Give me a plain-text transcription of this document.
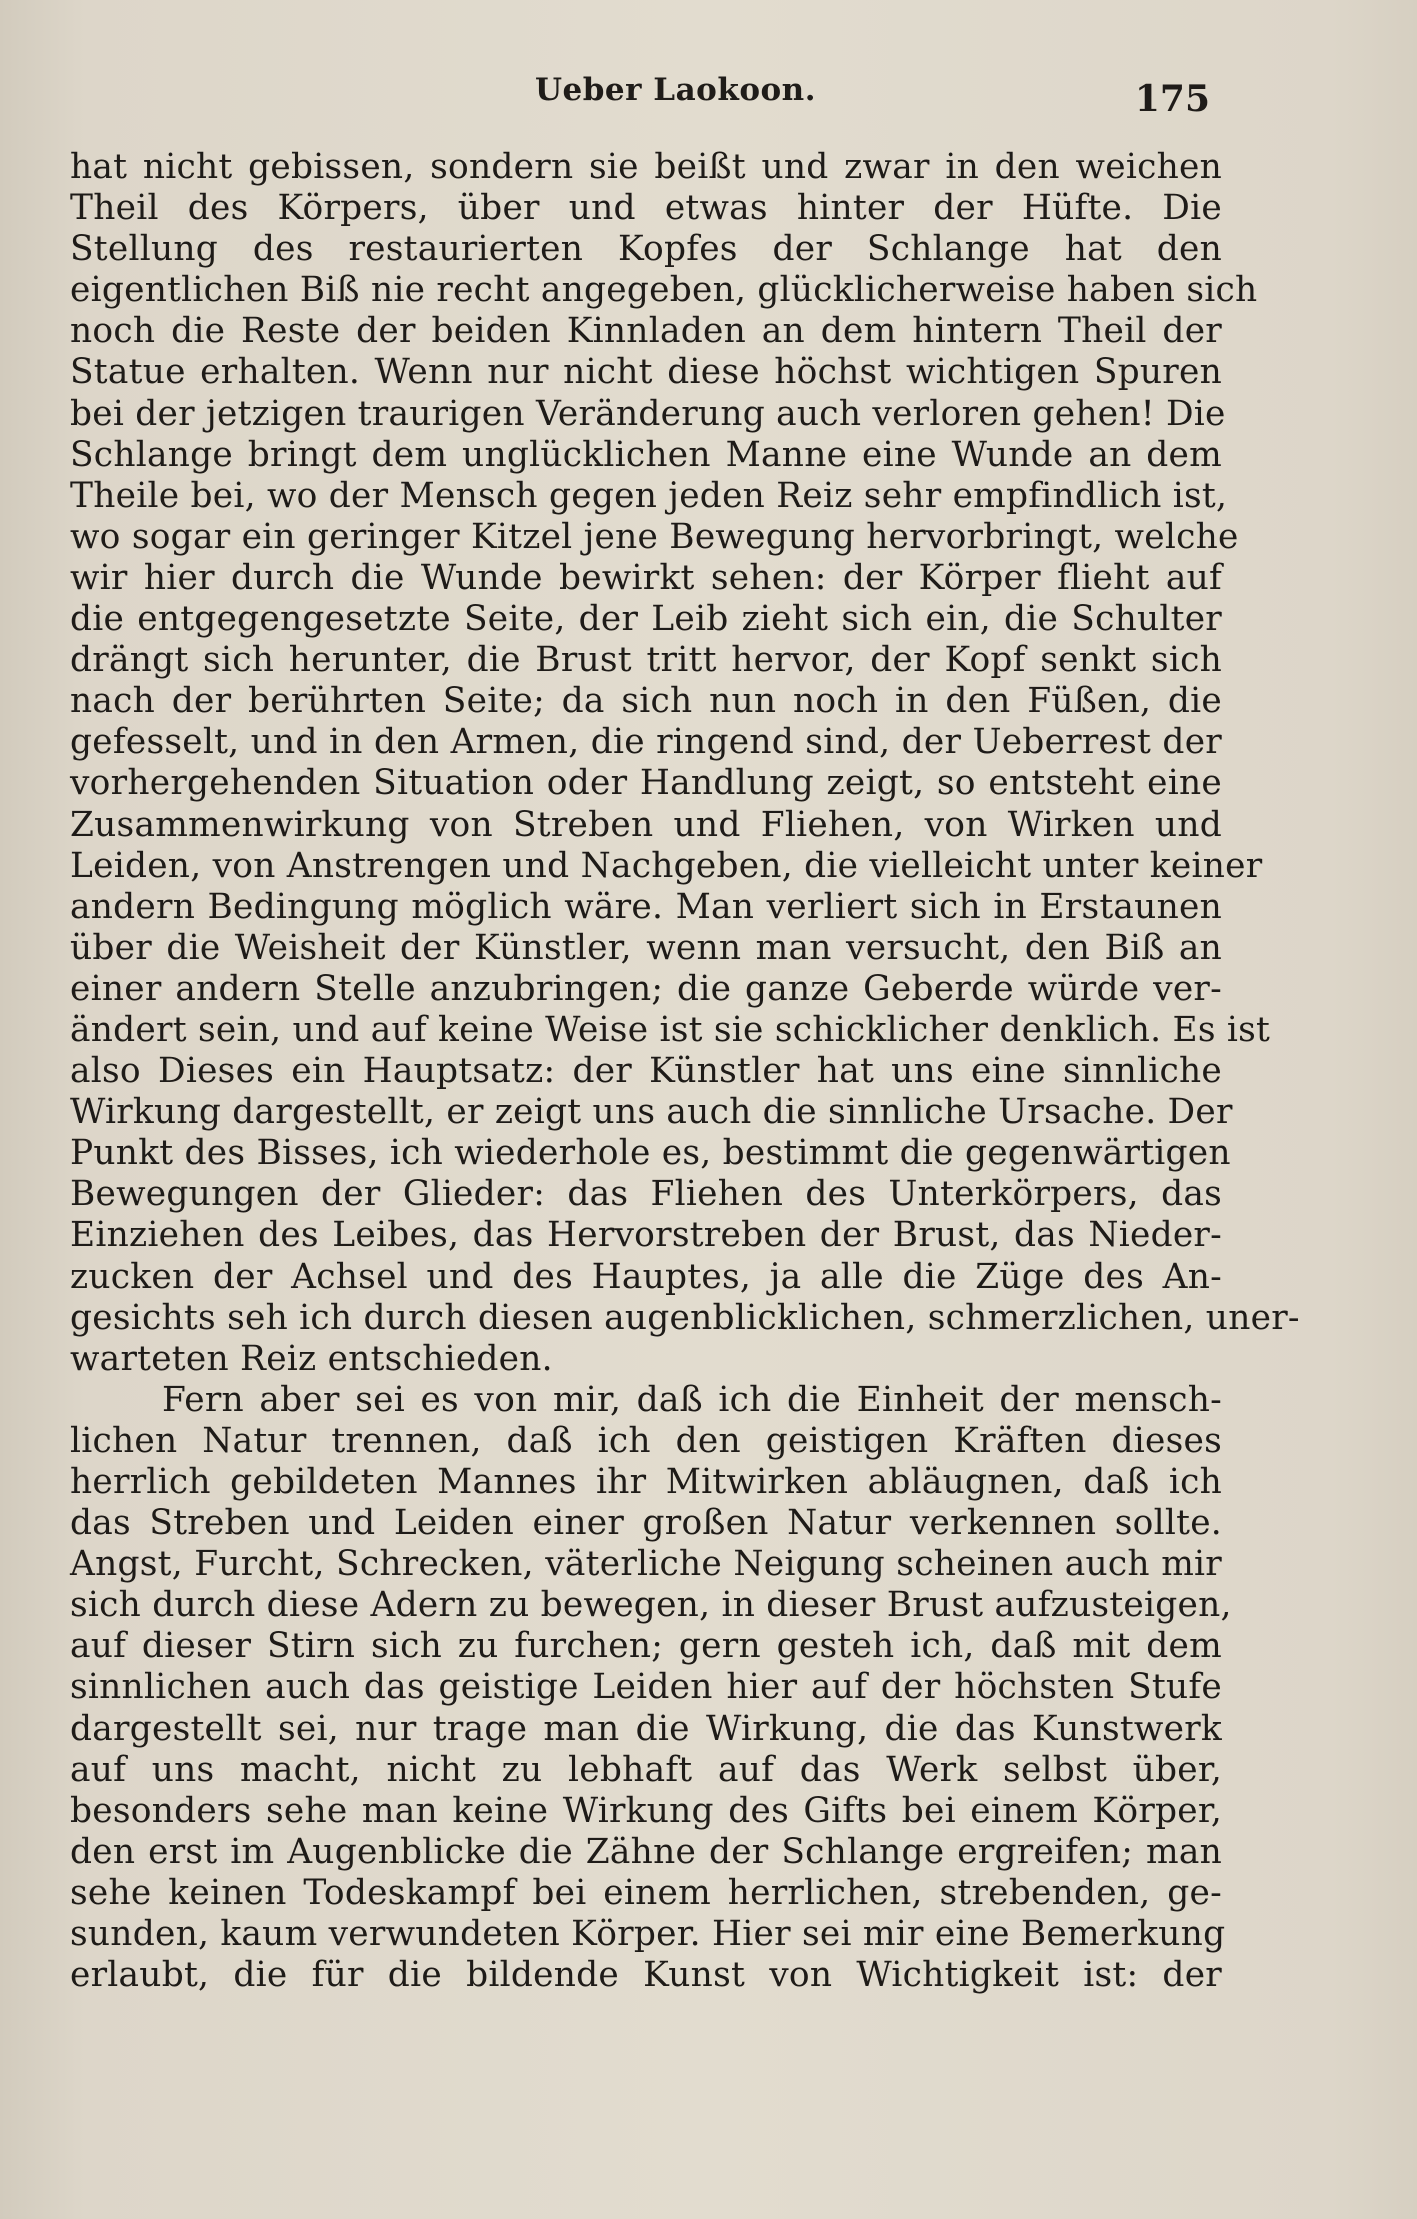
Ueber Laokoon.	175
hat nicht gebissen, sondern sie beißt und zwar in den weichen
Theil des Körpers, über und etwas hinter der Hüfte. Die
Stellung des restaurierten Kopfes der Schlange hat den
eigentlichen Biß nie recht angegeben, glücklicherweise haben sich
noch die Reste der beiden Kinnladen an dem hintern Theil der
Statue erhalten. Wenn nur nicht diese höchst wichtigen Spuren
bei der jetzigen traurigen Veränderung auch verloren gehen! Die
Schlange bringt dem unglücklichen Manne eine Wunde an dem
Theile bei, wo der Mensch gegen jeden Reiz sehr empfindlich ist,
wo sogar ein geringer Kitzel jene Bewegung hervorbringt, welche
wir hier durch die Wunde bewirkt sehen: der Körper flieht auf
die entgegengesetzte Seite, der Leib zieht sich ein, die Schulter
drängt sich herunter, die Brust tritt hervor, der Kopf senkt sich
nach der berührten Seite; da sich nun noch in den Füßen, die
gefesselt, und in den Armen, die ringend sind, der Ueberrest der
vorhergehenden Situation oder Handlung zeigt, so entsteht eine
Zusammenwirkung von Streben und Fliehen, von Wirken und
Leiden, von Anstrengen und Nachgeben, die vielleicht unter keiner
andern Bedingung möglich wäre. Man verliert sich in Erstaunen
über die Weisheit der Künstler, wenn man versucht, den Biß an
einer andern Stelle anzubringen; die ganze Geberde würde ver-
ändert sein, und auf keine Weise ist sie schicklicher denklich. Es ist
also Dieses ein Hauptsatz: der Künstler hat uns eine sinnliche
Wirkung dargestellt, er zeigt uns auch die sinnliche Ursache. Der
Punkt des Bisses, ich wiederhole es, bestimmt die gegenwärtigen
Bewegungen der Glieder: das Fliehen des Unterkörpers, das
Einziehen des Leibes, das Hervorstreben der Brust, das Nieder-
zucken der Achsel und des Hauptes, ja alle die Züge des An-
gesichts seh ich durch diesen augenblicklichen, schmerzlichen, uner-
warteten Reiz entschieden.
Fern aber sei es von mir, daß ich die Einheit der mensch-
lichen Natur trennen, daß ich den geistigen Kräften dieses
herrlich gebildeten Mannes ihr Mitwirken abläugnen, daß ich
das Streben und Leiden einer großen Natur verkennen sollte.
Angst, Furcht, Schrecken, väterliche Neigung scheinen auch mir
sich durch diese Adern zu bewegen, in dieser Brust aufzusteigen,
auf dieser Stirn sich zu furchen; gern gesteh ich, daß mit dem
sinnlichen auch das geistige Leiden hier auf der höchsten Stufe
dargestellt sei, nur trage man die Wirkung, die das Kunstwerk
auf uns macht, nicht zu lebhaft auf das Werk selbst über,
besonders sehe man keine Wirkung des Gifts bei einem Körper,
den erst im Augenblicke die Zähne der Schlange ergreifen; man
sehe keinen Todeskampf bei einem herrlichen, strebenden, ge-
sunden, kaum verwundeten Körper. Hier sei mir eine Bemerkung
erlaubt, die für die bildende Kunst von Wichtigkeit ist: der
